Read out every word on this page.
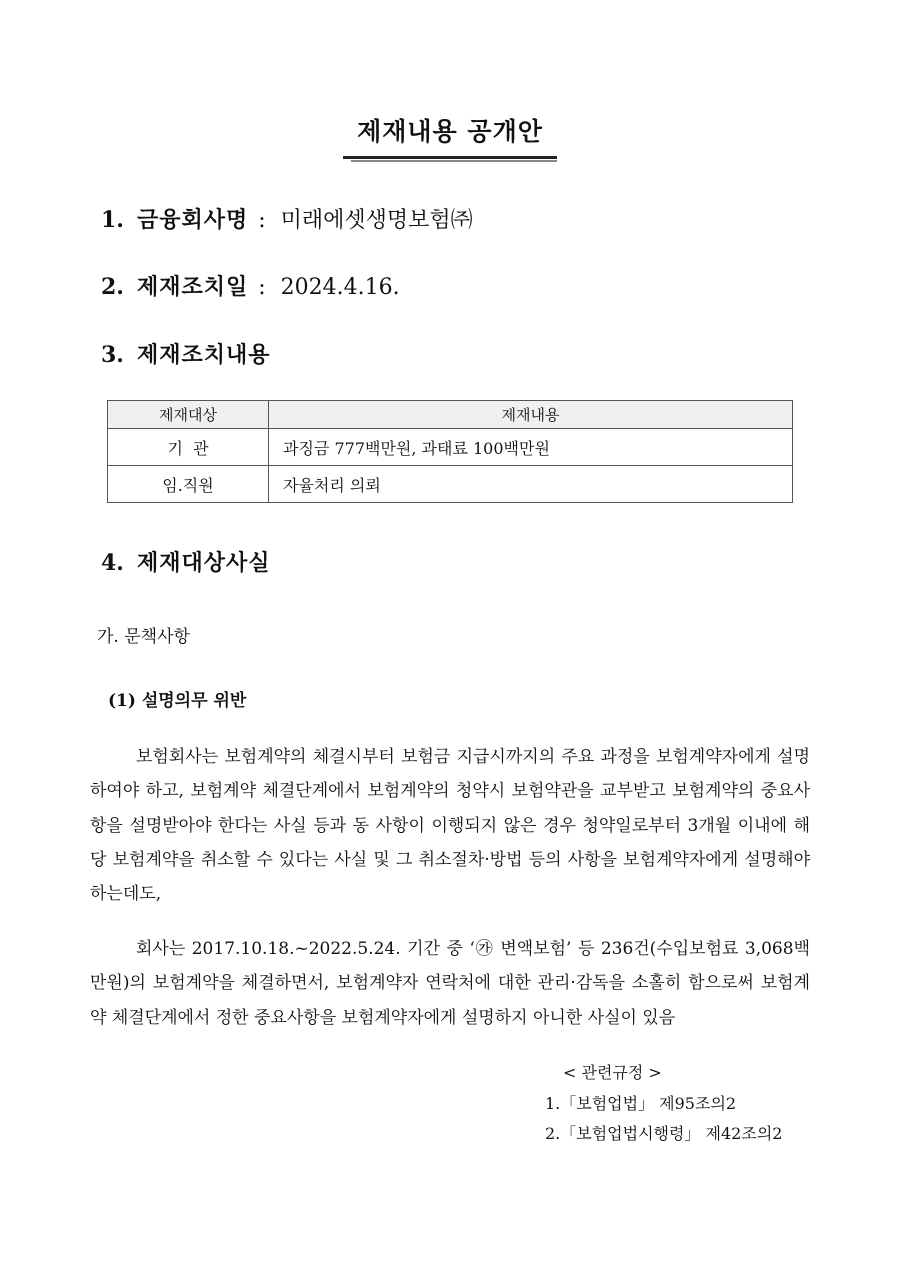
제재내용 공개안
1. 금융회사명 : 미래에셋생명보험㈜
2. 제재조치일 : 2024.4.16.
3. 제재조치내용
제재대상	제재내용
기  관	과징금 777백만원, 과태료 100백만원
임.직원	자율처리 의뢰
4. 제재대상사실
가. 문책사항
(1) 설명의무 위반

보험회사는 보험계약의 체결시부터 보험금 지급시까지의 주요 과정을 보험계약자에게 설명하여야 하고, 보험계약 체결단계에서 보험계약의 청약시 보험약관을 교부받고 보험계약의 중요사항을 설명받아야 한다는 사실 등과 동 사항이 이행되지 않은 경우 청약일로부터 3개월 이내에 해당 보험계약을 취소할 수 있다는 사실 및 그 취소절차·방법 등의 사항을 보험계약자에게 설명해야 하는데도,

회사는 2017.10.18.~2022.5.24. 기간 중 ‘㉮ 변액보험’ 등 236건(수입보험료 3,068백만원)의 보험계약을 체결하면서, 보험계약자 연락처에 대한 관리·감독을 소홀히 함으로써 보험계약 체결단계에서 정한 중요사항을 보험계약자에게 설명하지 아니한 사실이 있음

< 관련규정 >
1.「보험업법」 제95조의2
2.「보험업법시행령」 제42조의2
